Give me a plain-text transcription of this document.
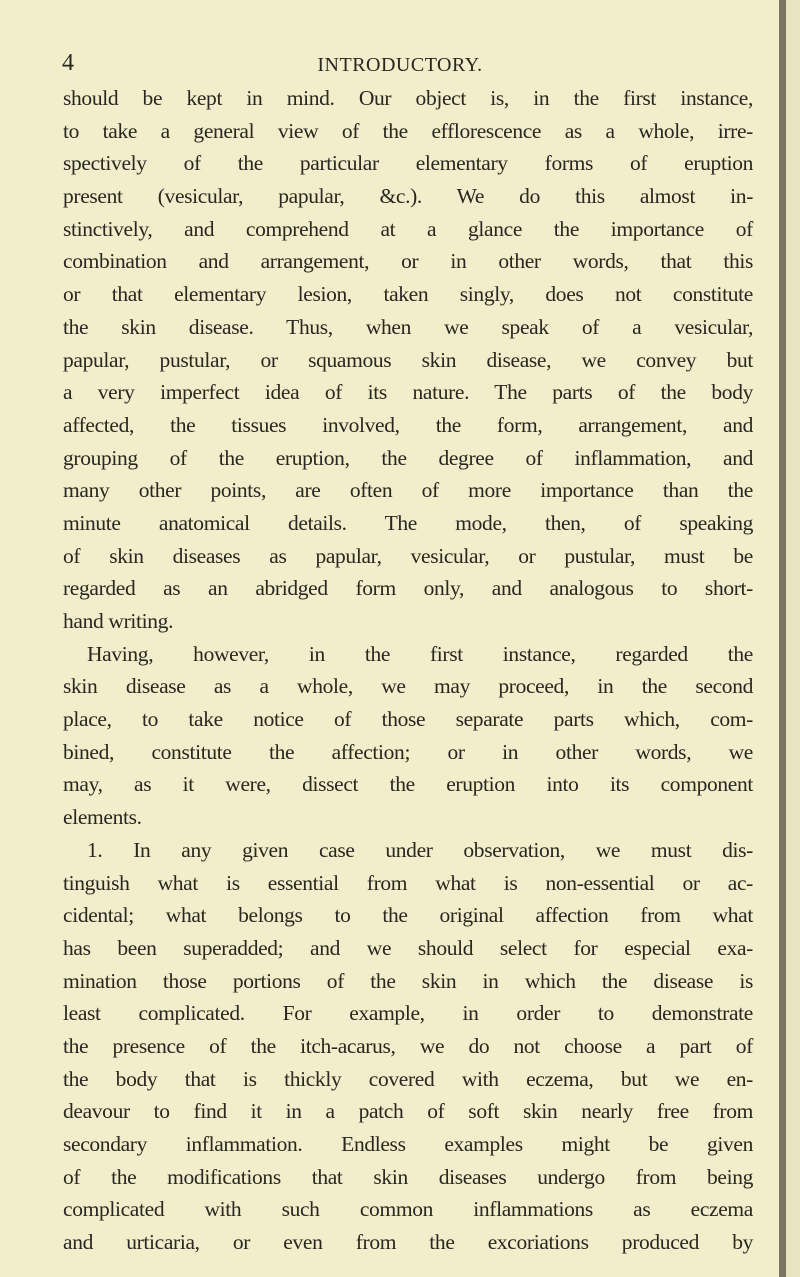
4	INTRODUCTORY.
should be kept in mind. Our object is, in the first instance,
to take a general view of the efflorescence as a whole, irre-
spectively of the particular elementary forms of eruption
present (vesicular, papular, &c.). We do this almost in-
stinctively, and comprehend at a glance the importance of
combination and arrangement, or in other words, that this
or that elementary lesion, taken singly, does not constitute
the skin disease. Thus, when we speak of a vesicular,
papular, pustular, or squamous skin disease, we convey but
a very imperfect idea of its nature. The parts of the body
affected, the tissues involved, the form, arrangement, and
grouping of the eruption, the degree of inflammation, and
many other points, are often of more importance than the
minute anatomical details. The mode, then, of speaking
of skin diseases as papular, vesicular, or pustular, must be
regarded as an abridged form only, and analogous to short-
hand writing.
Having, however, in the first instance, regarded the
skin disease as a whole, we may proceed, in the second
place, to take notice of those separate parts which, com-
bined, constitute the affection; or in other words, we
may, as it were, dissect the eruption into its component
elements.
1. In any given case under observation, we must dis-
tinguish what is essential from what is non-essential or ac-
cidental; what belongs to the original affection from what
has been superadded; and we should select for especial exa-
mination those portions of the skin in which the disease is
least complicated. For example, in order to demonstrate
the presence of the itch-acarus, we do not choose a part of
the body that is thickly covered with eczema, but we en-
deavour to find it in a patch of soft skin nearly free from
secondary inflammation. Endless examples might be given
of the modifications that skin diseases undergo from being
complicated with such common inflammations as eczema
and urticaria, or even from the excoriations produced by
